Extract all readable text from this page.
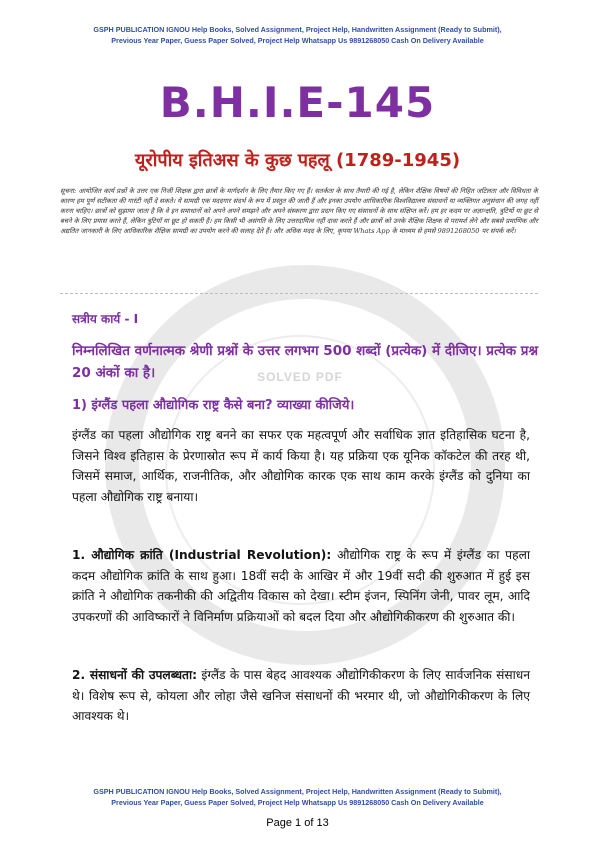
SOLVED PDF
GSPH PUBLICATION IGNOU Help Books, Solved Assignment, Project Help, Handwritten Assignment (Ready to Submit),
Previous Year Paper, Guess Paper Solved, Project Help Whatsapp Us 9891268050 Cash On Delivery Available
B.H.I.E-145
यूरोपीय इतिअस के कुछ पहलू (1789-1945)
सूचना: आयोजित कार्य प्रश्नों के उत्तर एक निजी शिक्षक द्वारा छात्रों के मार्गदर्शन के लिए तैयार किए गए हैं। सतर्कता के साथ तैयारी की गई है, लेकिन शैक्षिक विषयों की निहित जटिलता और विविधता के कारण हम पूर्ण सटीकता की गारंटी नहीं दे सकते। ये सामग्री एक मददगार संदर्भ के रूप में प्रस्तुत की जाती हैं और इनका उपयोग आधिकारिक विश्वविद्यालय संसाधनों या व्यक्तिगत अनुसंधान की जगह नहीं करना चाहिए। छात्रों को सुझाया जाता है कि वे इन समाधानों को अपने अपने समझने और अपने संस्करण द्वारा प्रदान किए गए संसाधनों के साथ संक्षिप्त करें। हम हर कदम पर अज्ञान्क्षति, त्रुटियों या छूट से बचने के लिए प्रयास करते हैं, लेकिन त्रुटियाँ या छूट हो सकती हैं। हम किसी भी असंगति के लिए उत्तरदायित्व नहीं दावा करते हैं और छात्रों को उनके शैक्षिक शिक्षक से परामर्श लेने और सबसे प्रमाणिक और अद्यतित जानकारी के लिए आधिकारिक शैक्षिक सामग्री का उपयोग करने की सलाह देते हैं। और अधिक मदद के लिए, कृपया Whats App के माध्यम से हमसे 9891268050 पर संपर्क करें।
सत्रीय कार्य - I
निम्नलिखित वर्णनात्मक श्रेणी प्रश्नों के उत्तर लगभग 500 शब्दों (प्रत्येक) में दीजिए। प्रत्येक प्रश्न 20 अंकों का है।
1) इंग्लैंड पहला औद्योगिक राष्ट्र कैसे बना? व्याख्या कीजिये।
इंग्लैंड का पहला औद्योगिक राष्ट्र बनने का सफर एक महत्वपूर्ण और सर्वाधिक ज्ञात इतिहासिक घटना है, जिसने विश्व इतिहास के प्रेरणास्रोत रूप में कार्य किया है। यह प्रक्रिया एक यूनिक कॉकटेल की तरह थी, जिसमें समाज, आर्थिक, राजनीतिक, और औद्योगिक कारक एक साथ काम करके इंग्लैंड को दुनिया का पहला औद्योगिक राष्ट्र बनाया।
1. औद्योगिक क्रांति (Industrial Revolution): औद्योगिक राष्ट्र के रूप में इंग्लैंड का पहला कदम औद्योगिक क्रांति के साथ हुआ। 18वीं सदी के आखिर में और 19वीं सदी की शुरुआत में हुई इस क्रांति ने औद्योगिक तकनीकी की अद्वितीय विकास को देखा। स्टीम इंजन, स्पिनिंग जेनी, पावर लूम, आदि उपकरणों की आविष्कारों ने विनिर्माण प्रक्रियाओं को बदल दिया और औद्योगिकीकरण की शुरुआत की।
2. संसाधनों की उपलब्धता: इंग्लैंड के पास बेहद आवश्यक औद्योगिकीकरण के लिए सार्वजनिक संसाधन थे। विशेष रूप से, कोयला और लोहा जैसे खनिज संसाधनों की भरमार थी, जो औद्योगिकीकरण के लिए आवश्यक थे।
GSPH PUBLICATION IGNOU Help Books, Solved Assignment, Project Help, Handwritten Assignment (Ready to Submit),
Previous Year Paper, Guess Paper Solved, Project Help Whatsapp Us 9891268050 Cash On Delivery Available
Page 1 of 13
